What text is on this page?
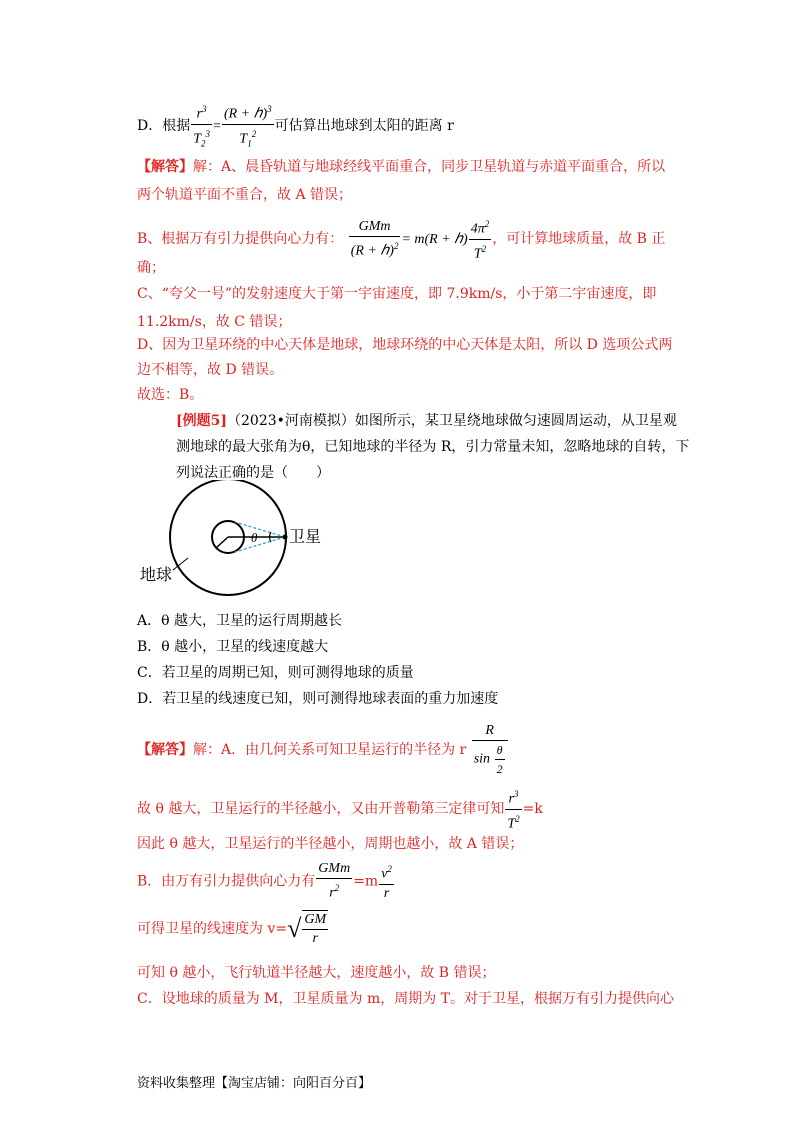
D．根据 $\frac{r^3}{T_2^3} = \frac{(R + ℎ)^3}{T_1^2}$ 可估算出地球到太阳的距离 r
【解答】解：A、晨昏轨道与地球经线平面重合，同步卫星轨道与赤道平面重合，所以
两个轨道平面不重合，故 A 错误；
B、根据万有引力提供向心力有： $\frac{\text{GMm}}{(R + ℎ)^2} = m(R$ + ℎ) $\frac{4\pi^2}{T^2}$ ，可计算地球质量，故 B 正
确；
C、“夸父一号”的发射速度大于第一宇宙速度，即 7.9km/s，小于第二宇宙速度，即
11.2km/s，故 C 错误；
D、因为卫星环绕的中心天体是地球，地球环绕的中心天体是太阳，所以 D 选项公式两
边不相等，故 D 错误。
故选：B。
[例题5]（2023•河南模拟）如图所示，某卫星绕地球做匀速圆周运动，从卫星观
测地球的最大张角为θ，已知地球的半径为 R，引力常量未知，忽略地球的自转，下
列说法正确的是（　　）
θ 卫星
地球
A．θ 越大，卫星的运行周期越长
B．θ 越小，卫星的线速度越大
C．若卫星的周期已知，则可测得地球的质量
D．若卫星的线速度已知，则可测得地球表面的重力加速度
【解答】解：A．由几何关系可知卫星运行的半径为 r $\frac{R}{\sin \frac{\theta}{2}}$
故 θ 越大，卫星运行的半径越小，又由开普勒第三定律可知 $\frac{r^3}{T^2} =k$
因此 θ 越大，卫星运行的半径越小，周期也越小，故 A 错误；
B．由万有引力提供向心力有 $\frac{\text{GMm}}{r^2} =m \frac{v^2}{r}$
可得卫星的线速度为 $v=√ \frac{GM}{r}$
可知 θ 越小，飞行轨道半径越大，速度越小，故 B 错误；
C．设地球的质量为 M，卫星质量为 m，周期为 T。对于卫星，根据万有引力提供向心
资料收集整理【淘宝店铺：向阳百分百】
